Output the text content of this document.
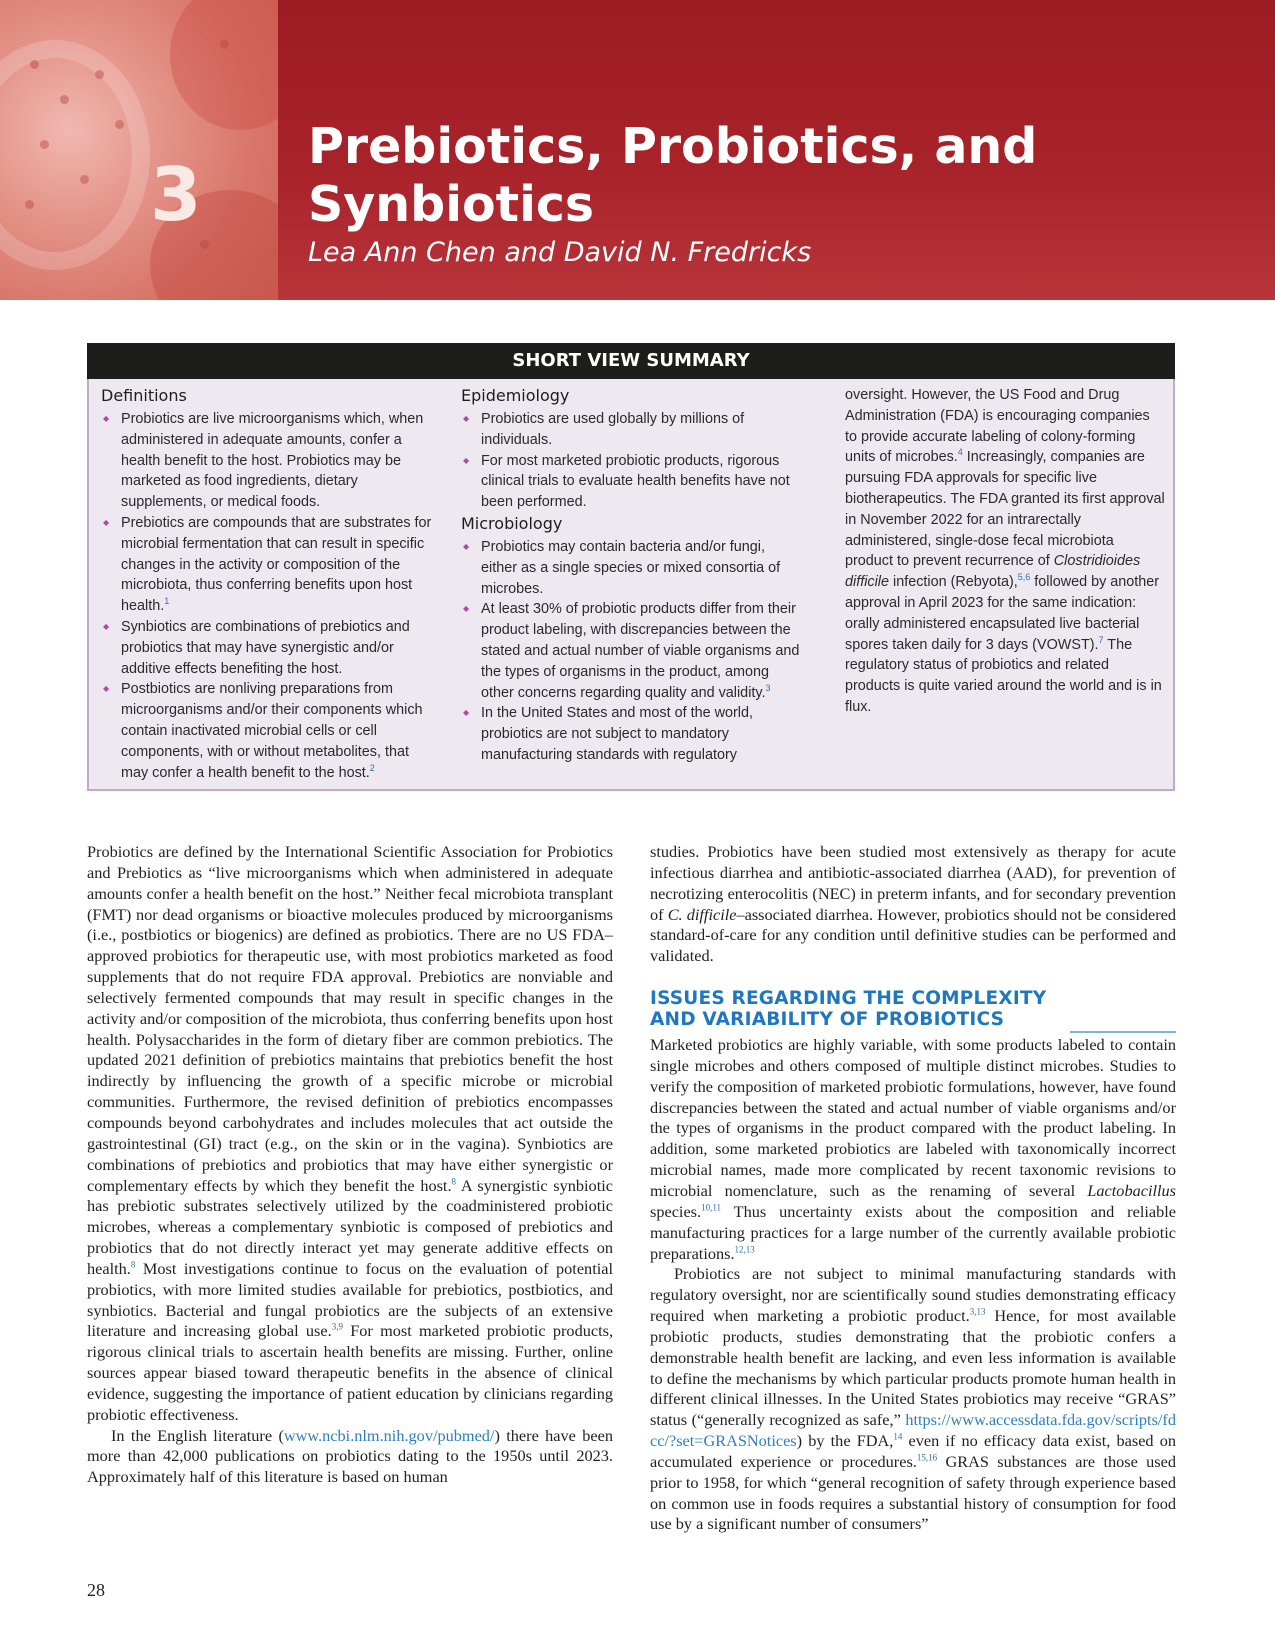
3
Prebiotics, Probiotics, and
Synbiotics
Lea Ann Chen and David N. Fredricks
SHORT VIEW SUMMARY
Definitions
◆ Probiotics are live microorganisms which, when administered in adequate amounts, confer a health benefit to the host. Probiotics may be marketed as food ingredients, dietary supplements, or medical foods.
◆ Prebiotics are compounds that are substrates for microbial fermentation that can result in specific changes in the activity or composition of the microbiota, thus conferring benefits upon host health.$^1$
◆ Synbiotics are combinations of prebiotics and probiotics that may have synergistic and/or additive effects benefiting the host.
◆ Postbiotics are nonliving preparations from microorganisms and/or their components which contain inactivated microbial cells or cell components, with or without metabolites, that may confer a health benefit to the host.$^2$
Epidemiology
◆ Probiotics are used globally by millions of individuals.
◆ For most marketed probiotic products, rigorous clinical trials to evaluate health benefits have not been performed.
Microbiology
◆ Probiotics may contain bacteria and/or fungi, either as a single species or mixed consortia of microbes.
◆ At least 30% of probiotic products differ from their product labeling, with discrepancies between the stated and actual number of viable organisms and the types of organisms in the product, among other concerns regarding quality and validity.$^3$
◆ In the United States and most of the world, probiotics are not subject to mandatory manufacturing standards with regulatory

oversight. However, the US Food and Drug Administration (FDA) is encouraging companies to provide accurate labeling of colony-forming units of microbes.$^4$ Increasingly, companies are pursuing FDA approvals for specific live biotherapeutics. The FDA granted its first approval in November 2022 for an intrarectally administered, single-dose fecal microbiota product to prevent recurrence of Clostridioides difficile infection (Rebyota),$^{5,6}$ followed by another approval in April 2023 for the same indication: orally administered encapsulated live bacterial spores taken daily for 3 days (VOWST).$^7$ The regulatory status of probiotics and related products is quite varied around the world and is in flux.

Probiotics are defined by the International Scientific Association for Probiotics and Prebiotics as “live microorganisms which when administered in adequate amounts confer a health benefit on the host.” Neither fecal microbiota transplant (FMT) nor dead organisms or bioactive molecules produced by microorganisms (i.e., postbiotics or biogenics) are defined as probiotics. There are no US FDA–approved probiotics for therapeutic use, with most probiotics marketed as food supplements that do not require FDA approval. Prebiotics are nonviable and selectively fermented compounds that may result in specific changes in the activity and/or composition of the microbiota, thus conferring benefits upon host health. Polysaccharides in the form of dietary fiber are common prebiotics. The updated 2021 definition of prebiotics maintains that prebiotics benefit the host indirectly by influencing the growth of a specific microbe or microbial communities. Furthermore, the revised definition of prebiotics encompasses compounds beyond carbohydrates and includes molecules that act outside the gastrointestinal (GI) tract (e.g., on the skin or in the vagina). Synbiotics are combinations of prebiotics and probiotics that may have either synergistic or complementary effects by which they benefit the host.$^8$ A synergistic synbiotic has prebiotic substrates selectively utilized by the coadministered probiotic microbes, whereas a complementary synbiotic is composed of prebiotics and probiotics that do not directly interact yet may generate additive effects on health.$^8$ Most investigations continue to focus on the evaluation of potential probiotics, with more limited studies available for prebiotics, postbiotics, and synbiotics. Bacterial and fungal probiotics are the subjects of an extensive literature and increasing global use.$^{3,9}$ For most marketed probiotic products, rigorous clinical trials to ascertain health benefits are missing. Further, online sources appear biased toward therapeutic benefits in the absence of clinical evidence, suggesting the importance of patient education by clinicians regarding probiotic effectiveness.

In the English literature (www.ncbi.nlm.nih.gov/pubmed/) there have been more than 42,000 publications on probiotics dating to the 1950s until 2023. Approximately half of this literature is based on human

studies. Probiotics have been studied most extensively as therapy for acute infectious diarrhea and antibiotic-associated diarrhea (AAD), for prevention of necrotizing enterocolitis (NEC) in preterm infants, and for secondary prevention of C. difficile–associated diarrhea. However, probiotics should not be considered standard-of-care for any condition until definitive studies can be performed and validated.

ISSUES REGARDING THE COMPLEXITY
AND VARIABILITY OF PROBIOTICS

Marketed probiotics are highly variable, with some products labeled to contain single microbes and others composed of multiple distinct microbes. Studies to verify the composition of marketed probiotic formulations, however, have found discrepancies between the stated and actual number of viable organisms and/or the types of organisms in the product compared with the product labeling. In addition, some marketed probiotics are labeled with taxonomically incorrect microbial names, made more complicated by recent taxonomic revisions to microbial nomenclature, such as the renaming of several Lactobacillus species.$^{10,11}$ Thus uncertainty exists about the composition and reliable manufacturing practices for a large number of the currently available probiotic preparations.$^{12,13}$

Probiotics are not subject to minimal manufacturing standards with regulatory oversight, nor are scientifically sound studies demonstrating efficacy required when marketing a probiotic product.$^{3,13}$ Hence, for most available probiotic products, studies demonstrating that the probiotic confers a demonstrable health benefit are lacking, and even less information is available to define the mechanisms by which particular products promote human health in different clinical illnesses. In the United States probiotics may receive “GRAS” status (“generally recognized as safe,” https://www.accessdata.fda.gov/scripts/fdcc/?set=GRASNotices) by the FDA,$^{14}$ even if no efficacy data exist, based on accumulated experience or procedures.$^{15,16}$ GRAS substances are those used prior to 1958, for which “general recognition of safety through experience based on common use in foods requires a substantial history of consumption for food use by a significant number of consumers”

28
